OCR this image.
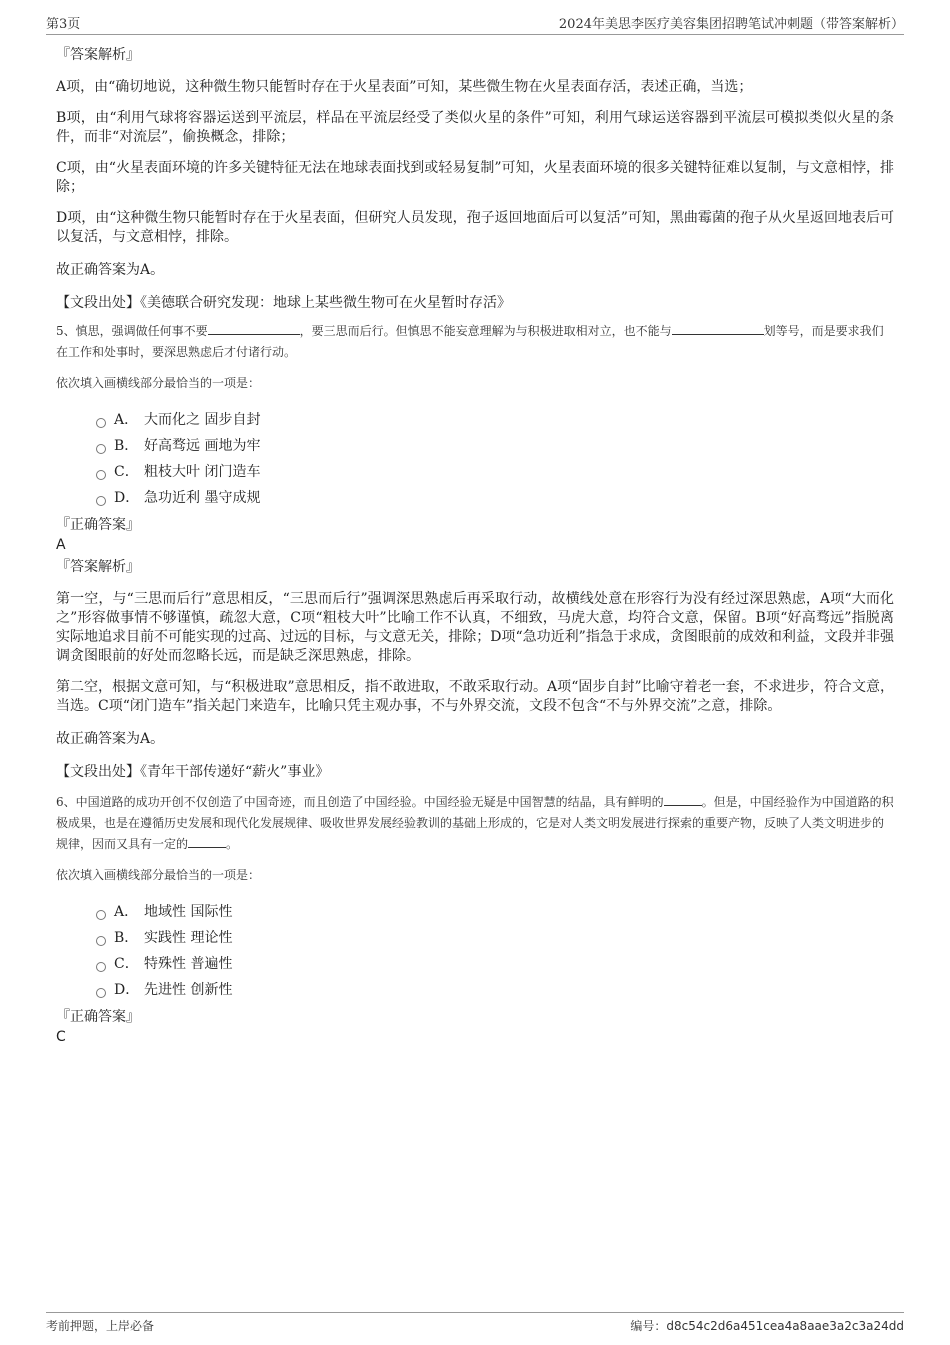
第3页	2024年美思李医疗美容集团招聘笔试冲刺题（带答案解析）

『答案解析』

A项，由“确切地说，这种微生物只能暂时存在于火星表面”可知，某些微生物在火星表面存活，表述正确，当选；

B项，由“利用气球将容器运送到平流层，样品在平流层经受了类似火星的条件”可知，利用气球运送容器到平流层可模拟类似火星的条件，而非“对流层”，偷换概念，排除；

C项，由“火星表面环境的许多关键特征无法在地球表面找到或轻易复制”可知，火星表面环境的很多关键特征难以复制，与文意相悖，排除；

D项，由“这种微生物只能暂时存在于火星表面，但研究人员发现，孢子返回地面后可以复活”可知，黑曲霉菌的孢子从火星返回地表后可以复活，与文意相悖，排除。

故正确答案为A。

【文段出处】《美德联合研究发现：地球上某些微生物可在火星暂时存活》

5、慎思，强调做任何事不要	，要三思而后行。但慎思不能妄意理解为与积极进取相对立，也不能与	划等号，而是要求我们在工作和处事时，要深思熟虑后才付诸行动。

依次填入画横线部分最恰当的一项是：

A． 大而化之 固步自封
B． 好高骛远 画地为牢
C． 粗枝大叶 闭门造车
D． 急功近利 墨守成规

『正确答案』

A

『答案解析』

第一空，与“三思而后行”意思相反，“三思而后行”强调深思熟虑后再采取行动，故横线处意在形容行为没有经过深思熟虑，A项“大而化之”形容做事情不够谨慎，疏忽大意，C项“粗枝大叶”比喻工作不认真，不细致，马虎大意，均符合文意，保留。B项“好高骛远”指脱离实际地追求目前不可能实现的过高、过远的目标，与文意无关，排除；D项“急功近利”指急于求成，贪图眼前的成效和利益，文段并非强调贪图眼前的好处而忽略长远，而是缺乏深思熟虑，排除。

第二空，根据文意可知，与“积极进取”意思相反，指不敢进取，不敢采取行动。A项“固步自封”比喻守着老一套，不求进步，符合文意，当选。C项“闭门造车”指关起门来造车，比喻只凭主观办事，不与外界交流，文段不包含“不与外界交流”之意，排除。

故正确答案为A。

【文段出处】《青年干部传递好“薪火”事业》

6、中国道路的成功开创不仅创造了中国奇迹，而且创造了中国经验。中国经验无疑是中国智慧的结晶，具有鲜明的	。但是，中国经验作为中国道路的积极成果，也是在遵循历史发展和现代化发展规律、吸收世界发展经验教训的基础上形成的，它是对人类文明发展进行探索的重要产物，反映了人类文明进步的规律，因而又具有一定的	。

依次填入画横线部分最恰当的一项是：

A． 地域性 国际性
B． 实践性 理论性
C． 特殊性 普遍性
D． 先进性 创新性

『正确答案』

C

考前押题，上岸必备	编号：d8c54c2d6a451cea4a8aae3a2c3a24dd
